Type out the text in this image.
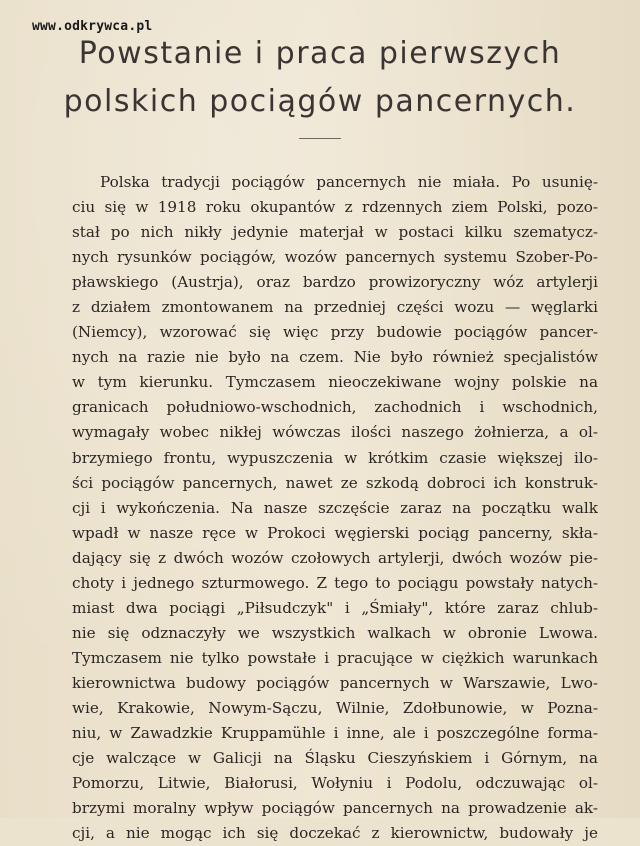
www.odkrywca.pl
Powstanie i praca pierwszych
polskich pociągów pancernych.
Polska tradycji pociągów pancernych nie miała. Po usunię-
ciu się w 1918 roku okupantów z rdzennych ziem Polski, pozo-
stał po nich nikły jedynie materjał w postaci kilku szematycz-
nych rysunków pociągów, wozów pancernych systemu Szober-Po-
pławskiego (Austrja), oraz bardzo prowizoryczny wóz artylerji
z działem zmontowanem na przedniej części wozu — węglarki
(Niemcy), wzorować się więc przy budowie pociągów pancer-
nych na razie nie było na czem. Nie było również specjalistów
w tym kierunku. Tymczasem nieoczekiwane wojny polskie na
granicach południowo-wschodnich, zachodnich i wschodnich,
wymagały wobec nikłej wówczas ilości naszego żołnierza, a ol-
brzymiego frontu, wypuszczenia w krótkim czasie większej ilo-
ści pociągów pancernych, nawet ze szkodą dobroci ich konstruk-
cji i wykończenia. Na nasze szczęście zaraz na początku walk
wpadł w nasze ręce w Prokoci węgierski pociąg pancerny, skła-
dający się z dwóch wozów czołowych artylerji, dwóch wozów pie-
choty i jednego szturmowego. Z tego to pociągu powstały natych-
miast dwa pociągi „Piłsudczyk" i „Śmiały", które zaraz chlub-
nie się odznaczyły we wszystkich walkach w obronie Lwowa.
Tymczasem nie tylko powstałe i pracujące w ciężkich warunkach
kierownictwa budowy pociągów pancernych w Warszawie, Lwo-
wie, Krakowie, Nowym-Sączu, Wilnie, Zdołbunowie, w Pozna-
niu, w Zawadzkie Kruppamühle i inne, ale i poszczególne forma-
cje walczące w Galicji na Śląsku Cieszyńskiem i Górnym, na
Pomorzu, Litwie, Białorusi, Wołyniu i Podolu, odczuwając ol-
brzymi moralny wpływ pociągów pancernych na prowadzenie ak-
cji, a nie mogąc ich się doczekać z kierownictw, budowały je
